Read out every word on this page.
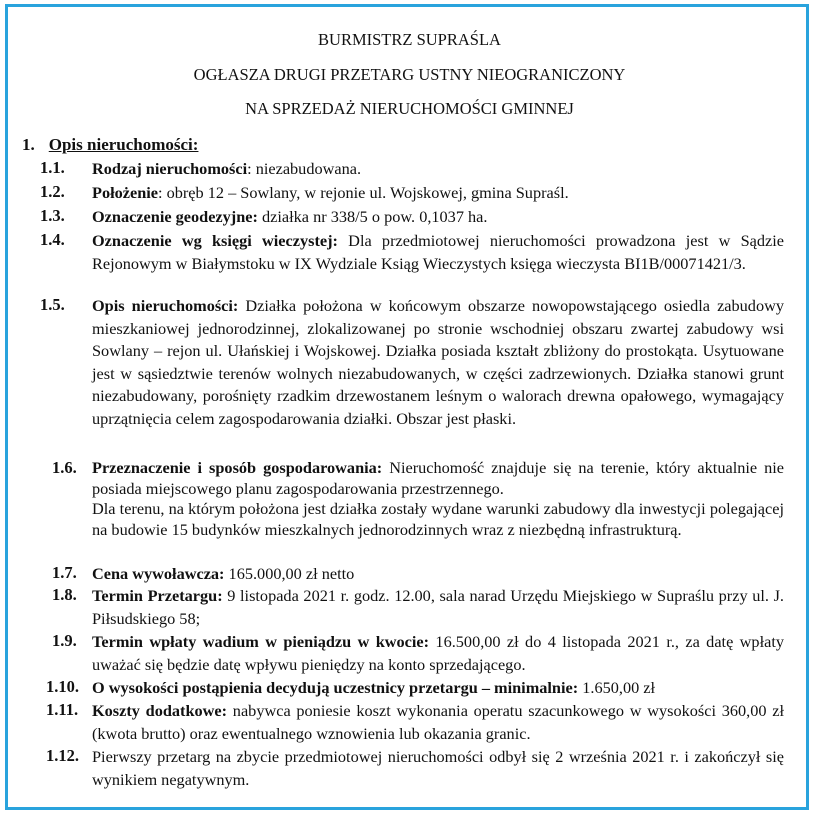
BURMISTRZ SUPRAŚLA
OGŁASZA DRUGI PRZETARG USTNY NIEOGRANICZONY
NA SPRZEDAŻ NIERUCHOMOŚCI GMINNEJ
1. Opis nieruchomości:
1.1. Rodzaj nieruchomości: niezabudowana.
1.2. Położenie: obręb 12 – Sowlany, w rejonie ul. Wojskowej, gmina Supraśl.
1.3. Oznaczenie geodezyjne: działka nr 338/5 o pow. 0,1037 ha.
1.4. Oznaczenie wg księgi wieczystej: Dla przedmiotowej nieruchomości prowadzona jest w Sądzie Rejonowym w Białymstoku w IX Wydziale Ksiąg Wieczystych księga wieczysta BI1B/00071421/3.
1.5. Opis nieruchomości: Działka położona w końcowym obszarze nowopowstającego osiedla zabudowy mieszkaniowej jednorodzinnej, zlokalizowanej po stronie wschodniej obszaru zwartej zabudowy wsi Sowlany – rejon ul. Ułańskiej i Wojskowej. Działka posiada kształt zbliżony do prostokąta. Usytuowane jest w sąsiedztwie terenów wolnych niezabudowanych, w części zadrzewionych. Działka stanowi grunt niezabudowany, porośnięty rzadkim drzewostanem leśnym o walorach drewna opałowego, wymagający uprzątnięcia celem zagospodarowania działki. Obszar jest płaski.
1.6. Przeznaczenie i sposób gospodarowania: Nieruchomość znajduje się na terenie, który aktualnie nie posiada miejscowego planu zagospodarowania przestrzennego.
Dla terenu, na którym położona jest działka zostały wydane warunki zabudowy dla inwestycji polegającej na budowie 15 budynków mieszkalnych jednorodzinnych wraz z niezbędną infrastrukturą.
1.7. Cena wywoławcza: 165.000,00 zł netto
1.8. Termin Przetargu: 9 listopada 2021 r. godz. 12.00, sala narad Urzędu Miejskiego w Supraślu przy ul. J. Piłsudskiego 58;
1.9. Termin wpłaty wadium w pieniądzu w kwocie: 16.500,00 zł do 4 listopada 2021 r., za datę wpłaty uważać się będzie datę wpływu pieniędzy na konto sprzedającego.
1.10. O wysokości postąpienia decydują uczestnicy przetargu – minimalnie: 1.650,00 zł
1.11. Koszty dodatkowe: nabywca poniesie koszt wykonania operatu szacunkowego w wysokości 360,00 zł (kwota brutto) oraz ewentualnego wznowienia lub okazania granic.
1.12. Pierwszy przetarg na zbycie przedmiotowej nieruchomości odbył się 2 września 2021 r. i zakończył się wynikiem negatywnym.
